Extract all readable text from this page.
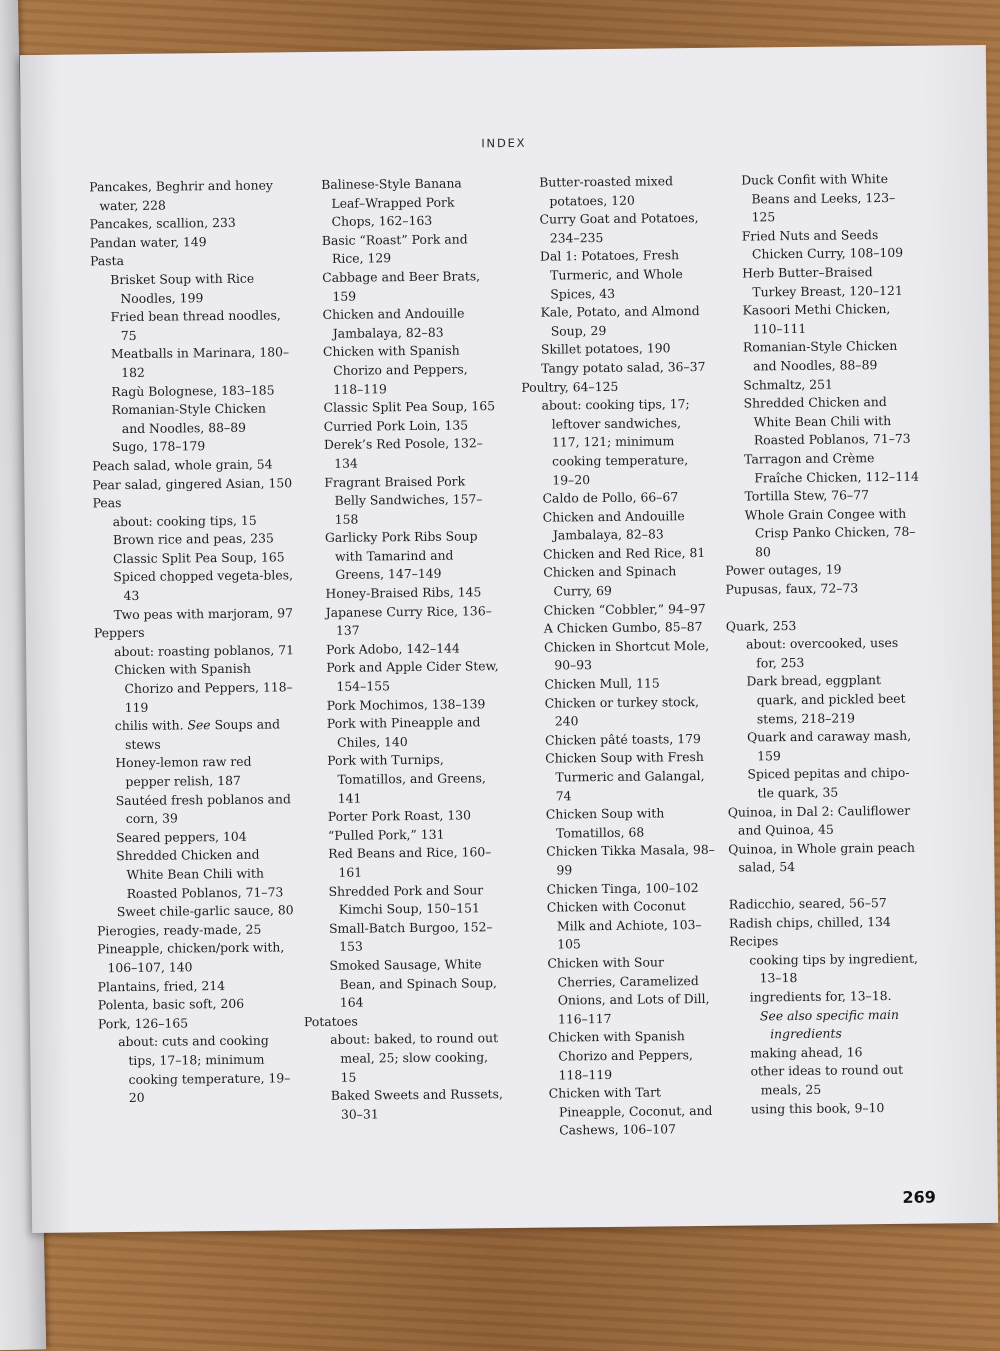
INDEX

Pancakes, Beghrir and honey water, 228

Pancakes, scallion, 233

Pandan water, 149

Pasta

Brisket Soup with Rice Noodles, 199

Fried bean thread noodles, 75

Meatballs in Marinara, 180–182

Ragù Bolognese, 183–185

Romanian-Style Chicken and Noodles, 88–89

Sugo, 178–179

Peach salad, whole grain, 54

Pear salad, gingered Asian, 150

Peas

about: cooking tips, 15

Brown rice and peas, 235

Classic Split Pea Soup, 165

Spiced chopped vegeta-bles, 43

Two peas with marjoram, 97

Peppers

about: roasting poblanos, 71

Chicken with Spanish Chorizo and Peppers, 118–119

chilis with. See Soups and stews

Honey-lemon raw red pepper relish, 187

Sautéed fresh poblanos and corn, 39

Seared peppers, 104

Shredded Chicken and White Bean Chili with Roasted Poblanos, 71–73

Sweet chile-garlic sauce, 80

Pierogies, ready-made, 25

Pineapple, chicken/pork with, 106–107, 140

Plantains, fried, 214

Polenta, basic soft, 206

Pork, 126–165

about: cuts and cooking tips, 17–18; minimum cooking temperature, 19–20

Balinese-Style Banana Leaf–Wrapped Pork Chops, 162–163

Basic “Roast” Pork and Rice, 129

Cabbage and Beer Brats, 159

Chicken and Andouille Jambalaya, 82–83

Chicken with Spanish Chorizo and Peppers, 118–119

Classic Split Pea Soup, 165

Curried Pork Loin, 135

Derek’s Red Posole, 132–134

Fragrant Braised Pork Belly Sandwiches, 157–158

Garlicky Pork Ribs Soup with Tamarind and Greens, 147–149

Honey-Braised Ribs, 145

Japanese Curry Rice, 136–137

Pork Adobo, 142–144

Pork and Apple Cider Stew, 154–155

Pork Mochimos, 138–139

Pork with Pineapple and Chiles, 140

Pork with Turnips, Tomatillos, and Greens, 141

Porter Pork Roast, 130

“Pulled Pork,” 131

Red Beans and Rice, 160–161

Shredded Pork and Sour Kimchi Soup, 150–151

Small-Batch Burgoo, 152–153

Smoked Sausage, White Bean, and Spinach Soup, 164

Potatoes

about: baked, to round out meal, 25; slow cooking, 15

Baked Sweets and Russets, 30–31

Butter-roasted mixed potatoes, 120

Curry Goat and Potatoes, 234–235

Dal 1: Potatoes, Fresh Turmeric, and Whole Spices, 43

Kale, Potato, and Almond Soup, 29

Skillet potatoes, 190

Tangy potato salad, 36–37

Poultry, 64–125

about: cooking tips, 17; leftover sandwiches, 117, 121; minimum cooking temperature, 19–20

Caldo de Pollo, 66–67

Chicken and Andouille Jambalaya, 82–83

Chicken and Red Rice, 81

Chicken and Spinach Curry, 69

Chicken “Cobbler,” 94–97

A Chicken Gumbo, 85–87

Chicken in Shortcut Mole, 90–93

Chicken Mull, 115

Chicken or turkey stock, 240

Chicken pâté toasts, 179

Chicken Soup with Fresh Turmeric and Galangal, 74

Chicken Soup with Tomatillos, 68

Chicken Tikka Masala, 98–99

Chicken Tinga, 100–102

Chicken with Coconut Milk and Achiote, 103–105

Chicken with Sour Cherries, Caramelized Onions, and Lots of Dill, 116–117

Chicken with Spanish Chorizo and Peppers, 118–119

Chicken with Tart Pineapple, Coconut, and Cashews, 106–107

Duck Confit with White Beans and Leeks, 123–125

Fried Nuts and Seeds Chicken Curry, 108–109

Herb Butter–Braised Turkey Breast, 120–121

Kasoori Methi Chicken, 110–111

Romanian-Style Chicken and Noodles, 88–89

Schmaltz, 251

Shredded Chicken and White Bean Chili with Roasted Poblanos, 71–73

Tarragon and Crème Fraîche Chicken, 112–114

Tortilla Stew, 76–77

Whole Grain Congee with Crisp Panko Chicken, 78–80

Power outages, 19

Pupusas, faux, 72–73

Quark, 253

about: overcooked, uses for, 253

Dark bread, eggplant quark, and pickled beet stems, 218–219

Quark and caraway mash, 159

Spiced pepitas and chipo-tle quark, 35

Quinoa, in Dal 2: Cauliflower and Quinoa, 45

Quinoa, in Whole grain peach salad, 54

Radicchio, seared, 56–57

Radish chips, chilled, 134

Recipes

cooking tips by ingredient, 13–18

ingredients for, 13–18.

See also specific main ingredients

making ahead, 16

other ideas to round out meals, 25

using this book, 9–10

269
